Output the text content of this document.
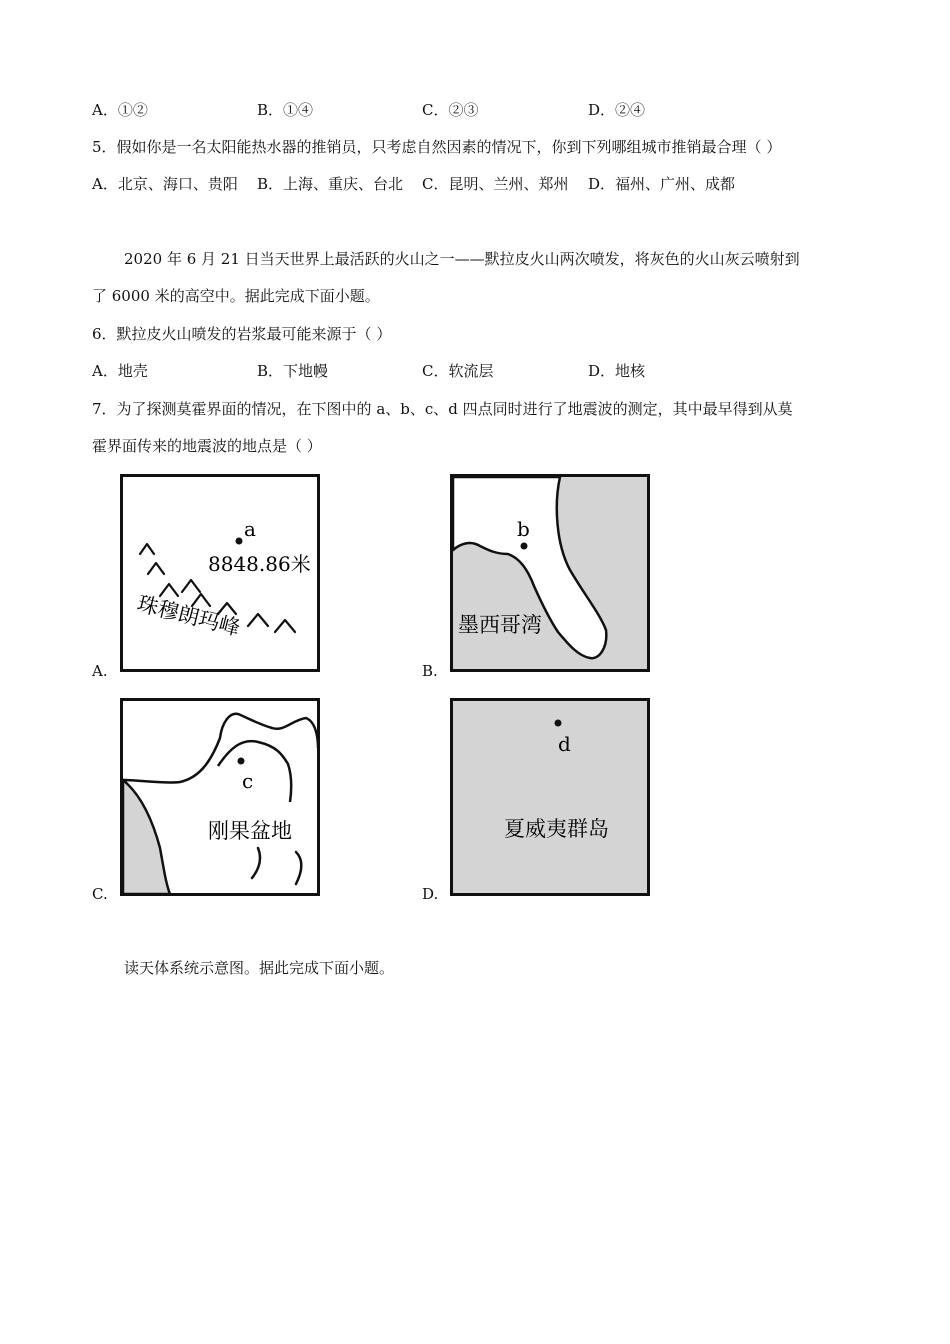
A．①②	B．①④	C．②③	D．②④
5．假如你是一名太阳能热水器的推销员，只考虑自然因素的情况下，你到下列哪组城市推销最合理（ ）
A．北京、海口、贵阳 B．上海、重庆、台北 C．昆明、兰州、郑州 D．福州、广州、成都
2020 年 6 月 21 日当天世界上最活跃的火山之一——默拉皮火山两次喷发，将灰色的火山灰云喷射到
了 6000 米的高空中。据此完成下面小题。
6．默拉皮火山喷发的岩浆最可能来源于（ ）
A．地壳	B．下地幔	C．软流层	D．地核
7．为了探测莫霍界面的情况，在下图中的 a、b、c、d 四点同时进行了地震波的测定，其中最早得到从莫
霍界面传来的地震波的地点是（ ）
a
8848.86米
珠穆朗玛峰
A.
b
墨西哥湾
B.
c
刚果盆地
C.
d
夏威夷群岛
D.
读天体系统示意图。据此完成下面小题。
